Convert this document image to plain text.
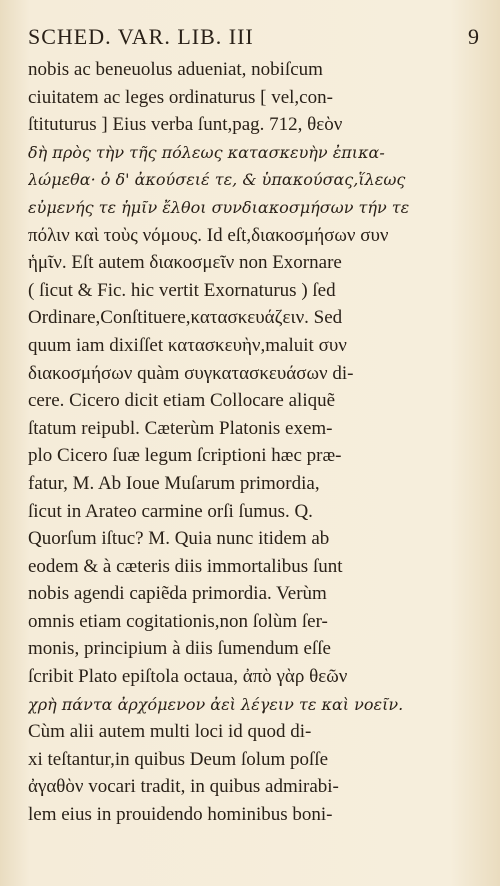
SCHED. VAR. LIB. III	9
nobis ac beneuolus adueniat, nobiſcum
ciuitatem ac leges ordinaturus [ vel,con-
ſtituturus ] Eius verba ſunt,pag. 712, θεὸν
δὴ πρὸς τὴν τῆς πόλεως κατασκευὴν ἐπικα-
λώμεθα· ὁ δ' ἀκούσειέ τε, & ὑπακούσας,ἵλεως
εὐμενής τε ἡμῖν ἔλθοι συνδιακοσμήσων τήν τε
πόλιν καὶ τοὺς νόμους. Id eſt,διακοσμήσων συν
ἡμῖν. Eſt autem διακοσμεῖν non Exornare
( ſicut & Fic. hic vertit Exornaturus ) ſed
Ordinare,Conſtituere,κατασκευάζειν. Sed
quum iam dixiſſet κατασκευὴν,maluit συν
διακοσμήσων quàm συγκατασκευάσων di-
cere. Cicero dicit etiam Collocare aliquẽ
ſtatum reipubl. Cæterùm Platonis exem-
plo Cicero ſuæ legum ſcriptioni hæc præ-
fatur, M. Ab Ioue Muſarum primordia,
ſicut in Arateo carmine orſi ſumus. Q.
Quorſum iſtuc? M. Quia nunc itidem ab
eodem & à cæteris diis immortalibus ſunt
nobis agendi capiẽda primordia. Verùm
omnis etiam cogitationis,non ſolùm ſer-
monis, principium à diis ſumendum eſſe
ſcribit Plato epiſtola octaua, ἀπὸ γὰρ θεῶν
χρὴ πάντα ἀρχόμενον ἀεὶ λέγειν τε καὶ νοεῖν.
Cùm alii autem multi loci id quod di-
xi teſtantur,in quibus Deum ſolum poſſe
ἀγαθὸν vocari tradit, in quibus admirabi-
lem eius in prouidendo hominibus boni-
